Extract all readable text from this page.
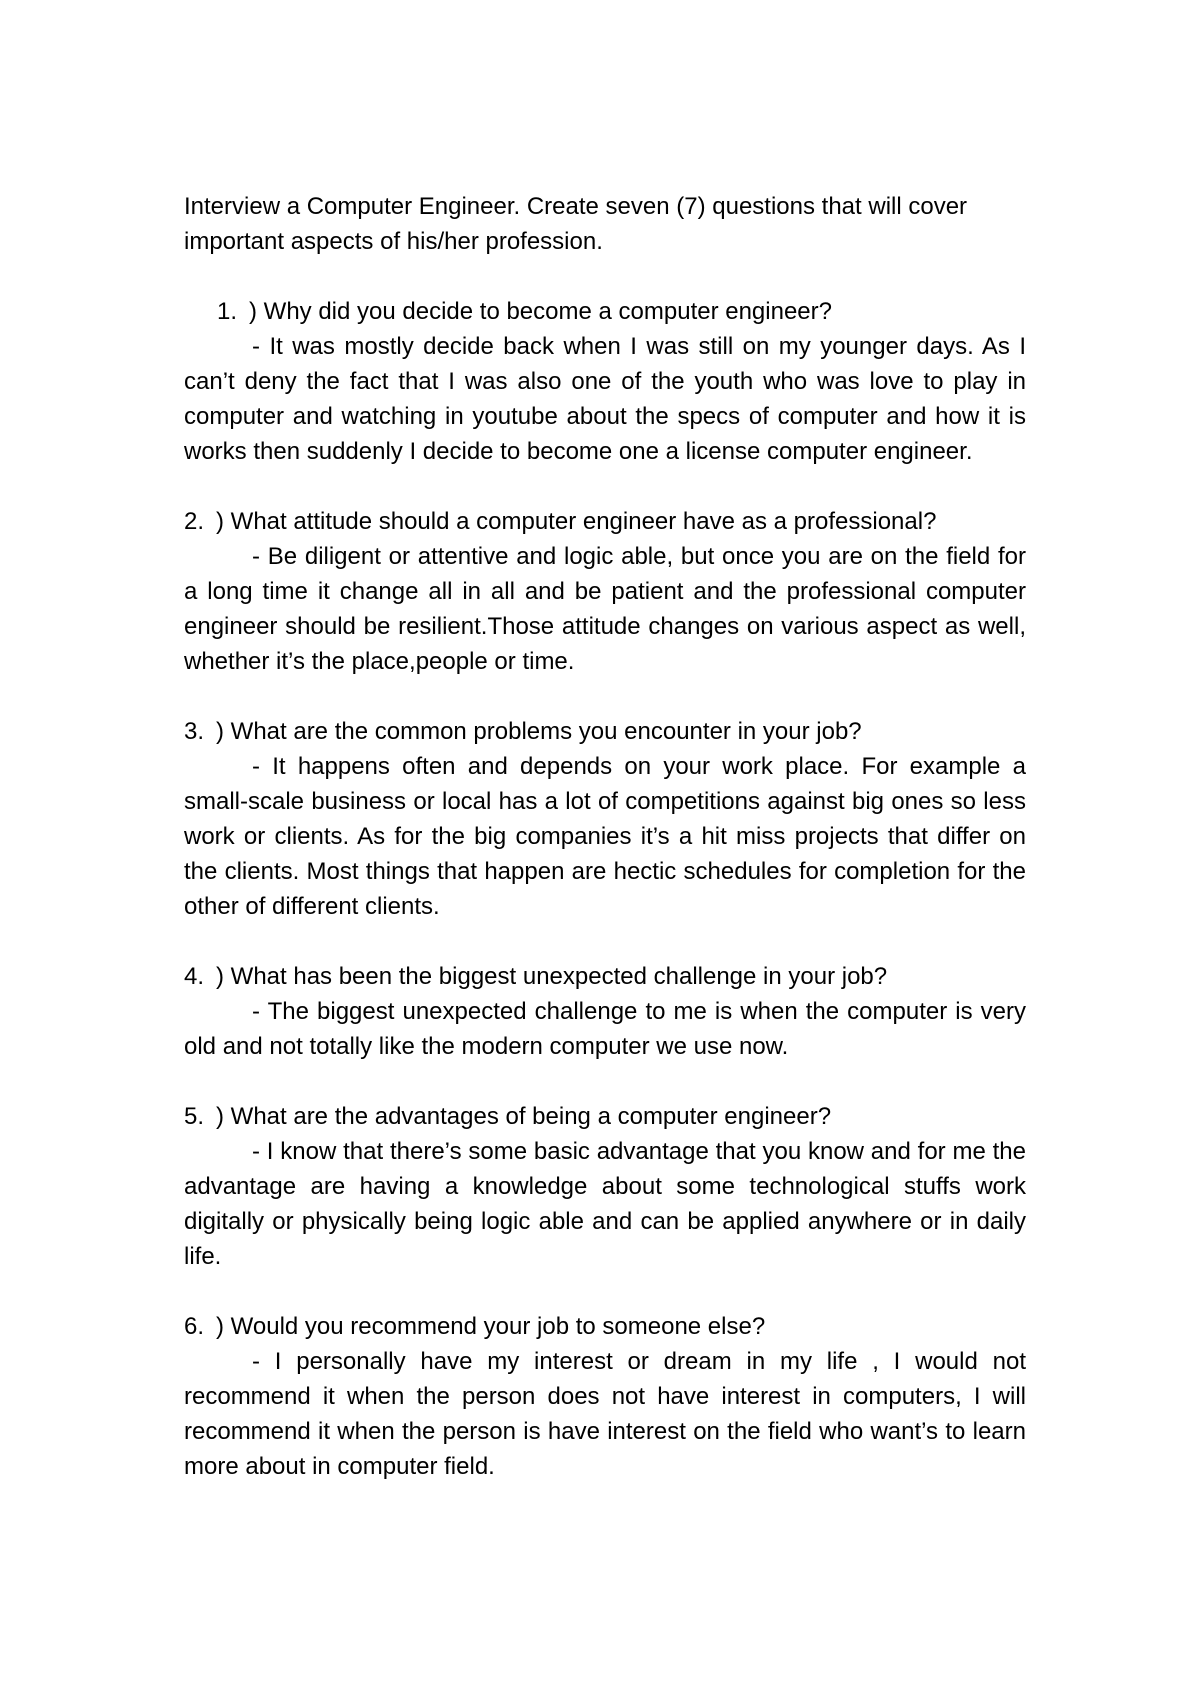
Interview a Computer Engineer. Create seven (7) questions that will cover important aspects of his/her profession.

1. ) Why did you decide to become a computer engineer?

- It was mostly decide back when I was still on my younger days. As I can’t deny the fact that I was also one of the youth who was love to play in computer and watching in youtube about the specs of computer and how it is works then suddenly I decide to become one a license computer engineer.

2. ) What attitude should a computer engineer have as a professional?

- Be diligent or attentive and logic able, but once you are on the field for a long time it change all in all and be patient and the professional computer engineer should be resilient.Those attitude changes on various aspect as well, whether it’s the place,people or time.

3. ) What are the common problems you encounter in your job?

- It happens often and depends on your work place. For example a small-scale business or local has a lot of competitions against big ones so less work or clients. As for the big companies it’s a hit miss projects that differ on the clients. Most things that happen are hectic schedules for completion for the other of different clients.

4. ) What has been the biggest unexpected challenge in your job?

- The biggest unexpected challenge to me is when the computer is very old and not totally like the modern computer we use now.

5. ) What are the advantages of being a computer engineer?

- I know that there’s some basic advantage that you know and for me the advantage are having a knowledge about some technological stuffs work digitally or physically being logic able and can be applied anywhere or in daily life.

6. ) Would you recommend your job to someone else?

- I personally have my interest or dream in my life , I would not recommend it when the person does not have interest in computers, I will recommend it when the person is have interest on the field who want’s to learn more about in computer field.
